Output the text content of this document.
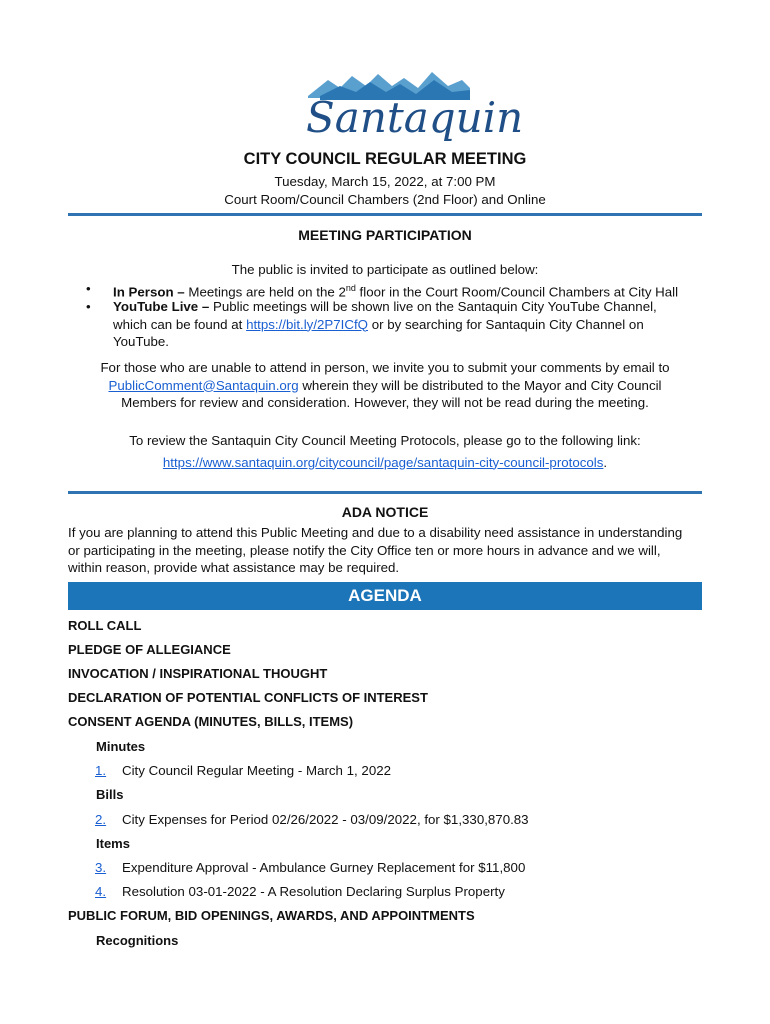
Santaquin
CITY COUNCIL REGULAR MEETING
Tuesday, March 15, 2022, at 7:00 PM
Court Room/Council Chambers (2nd Floor) and Online
MEETING PARTICIPATION
The public is invited to participate as outlined below:
•	In Person – Meetings are held on the 2nd floor in the Court Room/Council Chambers at City Hall
•	YouTube Live – Public meetings will be shown live on the Santaquin City YouTube Channel,
which can be found at https://bit.ly/2P7ICfQ or by searching for Santaquin City Channel on
YouTube.
For those who are unable to attend in person, we invite you to submit your comments by email to
PublicComment@Santaquin.org wherein they will be distributed to the Mayor and City Council
Members for review and consideration. However, they will not be read during the meeting.
To review the Santaquin City Council Meeting Protocols, please go to the following link:
https://www.santaquin.org/citycouncil/page/santaquin-city-council-protocols.
ADA NOTICE
If you are planning to attend this Public Meeting and due to a disability need assistance in understanding
or participating in the meeting, please notify the City Office ten or more hours in advance and we will,
within reason, provide what assistance may be required.
AGENDA
ROLL CALL
PLEDGE OF ALLEGIANCE
INVOCATION / INSPIRATIONAL THOUGHT
DECLARATION OF POTENTIAL CONFLICTS OF INTEREST
CONSENT AGENDA (MINUTES, BILLS, ITEMS)
Minutes
1. City Council Regular Meeting - March 1, 2022
Bills
2. City Expenses for Period 02/26/2022 - 03/09/2022, for $1,330,870.83
Items
3. Expenditure Approval - Ambulance Gurney Replacement for $11,800
4. Resolution 03-01-2022 - A Resolution Declaring Surplus Property
PUBLIC FORUM, BID OPENINGS, AWARDS, AND APPOINTMENTS
Recognitions
